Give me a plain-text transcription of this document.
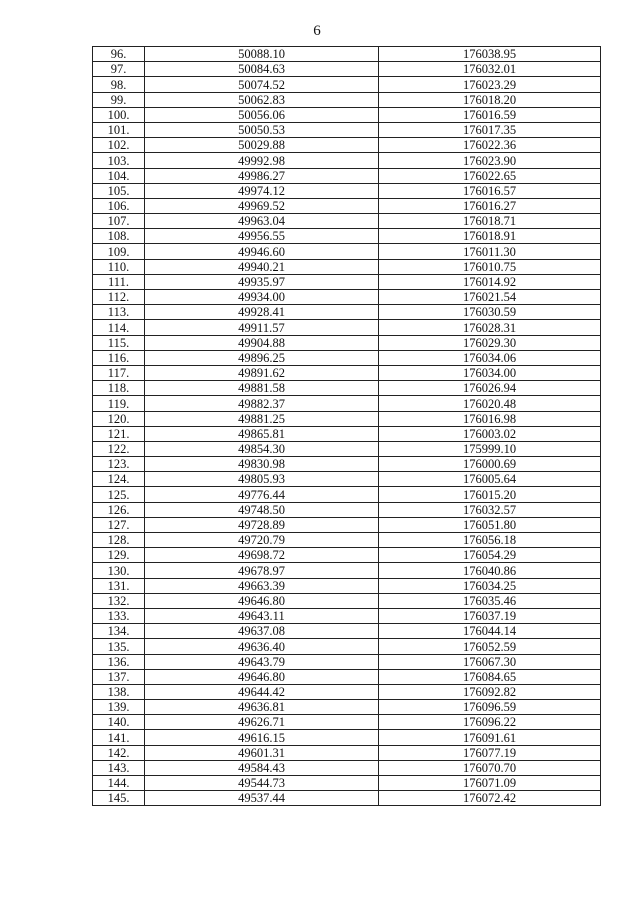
6
96.	50088.10	176038.95
97.	50084.63	176032.01
98.	50074.52	176023.29
99.	50062.83	176018.20
100.	50056.06	176016.59
101.	50050.53	176017.35
102.	50029.88	176022.36
103.	49992.98	176023.90
104.	49986.27	176022.65
105.	49974.12	176016.57
106.	49969.52	176016.27
107.	49963.04	176018.71
108.	49956.55	176018.91
109.	49946.60	176011.30
110.	49940.21	176010.75
111.	49935.97	176014.92
112.	49934.00	176021.54
113.	49928.41	176030.59
114.	49911.57	176028.31
115.	49904.88	176029.30
116.	49896.25	176034.06
117.	49891.62	176034.00
118.	49881.58	176026.94
119.	49882.37	176020.48
120.	49881.25	176016.98
121.	49865.81	176003.02
122.	49854.30	175999.10
123.	49830.98	176000.69
124.	49805.93	176005.64
125.	49776.44	176015.20
126.	49748.50	176032.57
127.	49728.89	176051.80
128.	49720.79	176056.18
129.	49698.72	176054.29
130.	49678.97	176040.86
131.	49663.39	176034.25
132.	49646.80	176035.46
133.	49643.11	176037.19
134.	49637.08	176044.14
135.	49636.40	176052.59
136.	49643.79	176067.30
137.	49646.80	176084.65
138.	49644.42	176092.82
139.	49636.81	176096.59
140.	49626.71	176096.22
141.	49616.15	176091.61
142.	49601.31	176077.19
143.	49584.43	176070.70
144.	49544.73	176071.09
145.	49537.44	176072.42
